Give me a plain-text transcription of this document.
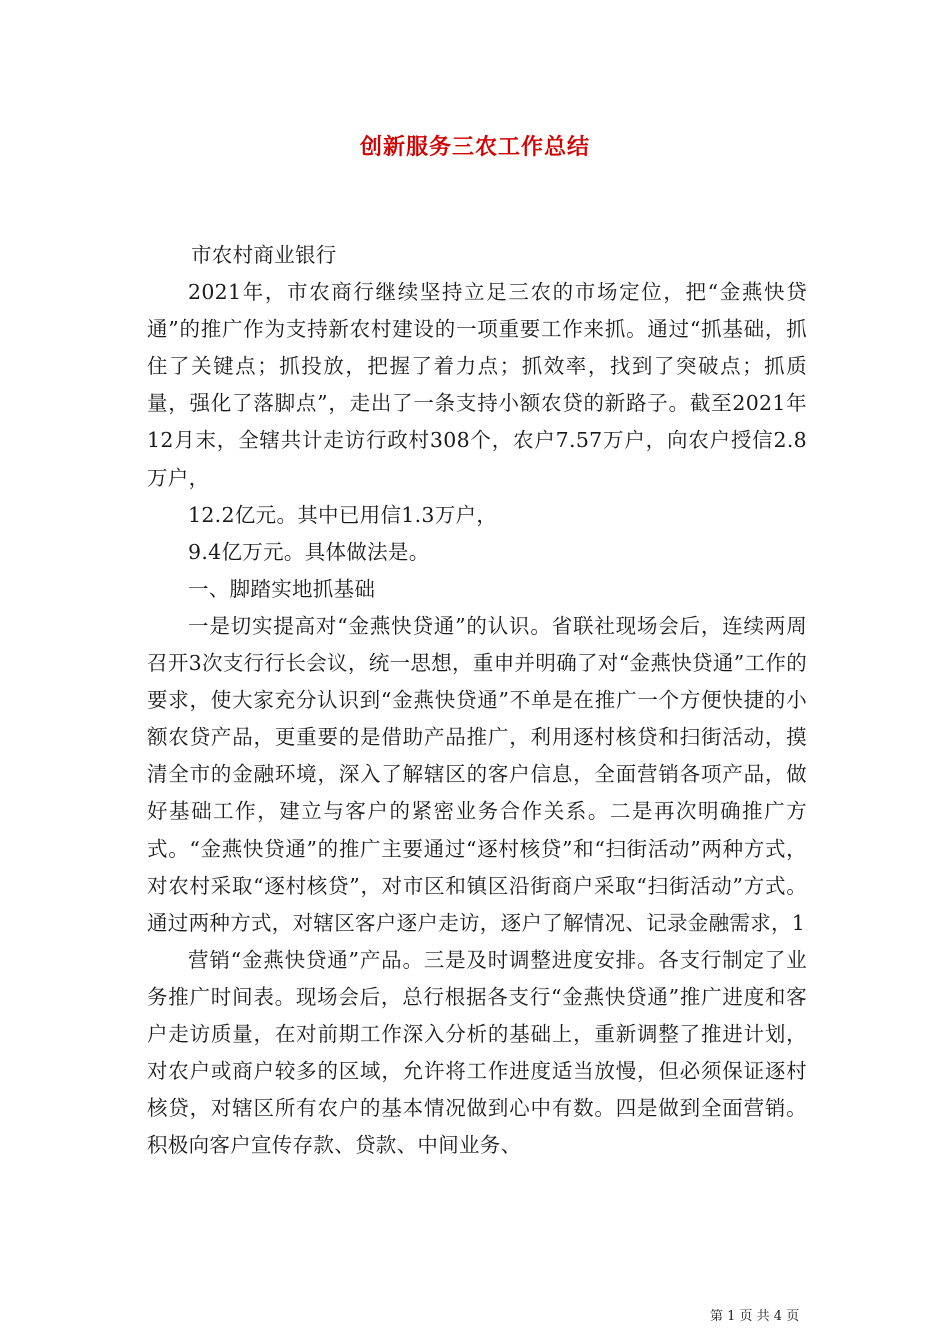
创新服务三农工作总结

市农村商业银行

2021年，市农商行继续坚持立足三农的市场定位，把“金燕快贷通”的推广作为支持新农村建设的一项重要工作来抓。通过“抓基础，抓住了关键点；抓投放，把握了着力点；抓效率，找到了突破点；抓质量，强化了落脚点”，走出了一条支持小额农贷的新路子。截至2021年12月末，全辖共计走访行政村308个，农户7.57万户，向农户授信2.8万户，

12.2亿元。其中已用信1.3万户，

9.4亿万元。具体做法是。

一、脚踏实地抓基础

一是切实提高对“金燕快贷通”的认识。省联社现场会后，连续两周召开3次支行行长会议，统一思想，重申并明确了对“金燕快贷通”工作的要求，使大家充分认识到“金燕快贷通”不单是在推广一个方便快捷的小额农贷产品，更重要的是借助产品推广，利用逐村核贷和扫街活动，摸清全市的金融环境，深入了解辖区的客户信息，全面营销各项产品，做好基础工作，建立与客户的紧密业务合作关系。二是再次明确推广方式。“金燕快贷通”的推广主要通过“逐村核贷”和“扫街活动”两种方式，对农村采取“逐村核贷”，对市区和镇区沿街商户采取“扫街活动”方式。通过两种方式，对辖区客户逐户走访，逐户了解情况、记录金融需求，1

营销“金燕快贷通”产品。三是及时调整进度安排。各支行制定了业务推广时间表。现场会后，总行根据各支行“金燕快贷通”推广进度和客户走访质量，在对前期工作深入分析的基础上，重新调整了推进计划，对农户或商户较多的区域，允许将工作进度适当放慢，但必须保证逐村核贷，对辖区所有农户的基本情况做到心中有数。四是做到全面营销。积极向客户宣传存款、贷款、中间业务、

第 1 页 共 4 页
